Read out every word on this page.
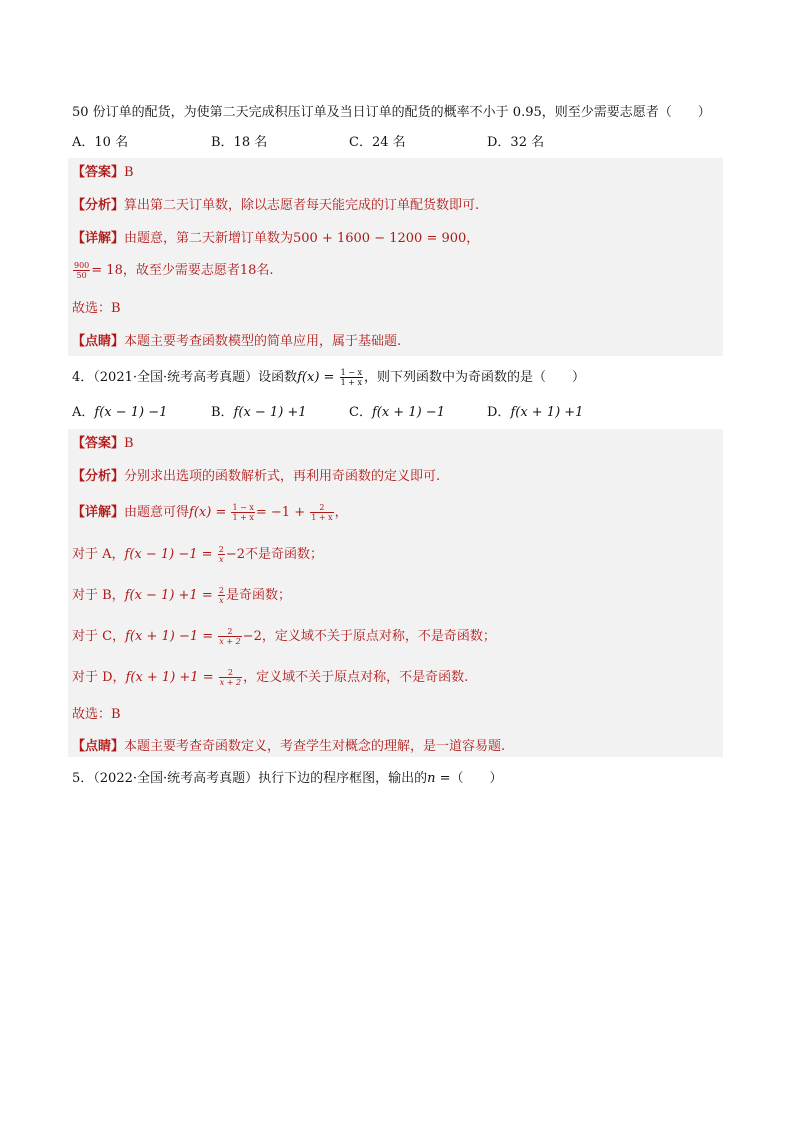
50 份订单的配货，为使第二天完成积压订单及当日订单的配货的概率不小于 0.95，则至少需要志愿者（　　）
A．10 名	B．18 名	C．24 名	D．32 名
【答案】B
【分析】算出第二天订单数，除以志愿者每天能完成的订单配货数即可.
【详解】由题意，第二天新增订单数为500 + 1600 − 1200 = 900，
$\frac{900}{50} = 18$，故至少需要志愿者18名.
故选：B
【点睛】本题主要考查函数模型的简单应用，属于基础题.
4．（2021·全国·统考高考真题）设函数$f(x) = \frac{1 - x}{1 + x}$ ，则下列函数中为奇函数的是（　　）
A．f(x − 1) −1	B．f(x − 1) +1	C．f(x + 1) −1	D．f(x + 1) +1
【答案】B
【分析】分别求出选项的函数解析式，再利用奇函数的定义即可.
【详解】由题意可得$f(x) = \frac{1 - x}{1 + x} = -1 + \frac{2}{1 + x}$ ，
对于 A，$f(x - 1) -1 = \frac{2}{x} -2$不是奇函数；
对于 B，$f(x - 1) +1 = \frac{2}{x}$ 是奇函数；
对于 C，$f(x + 1) -1 = \frac{2}{x + 2} -2$，定义域不关于原点对称，不是奇函数；
对于 D，$f(x + 1) +1 = \frac{2}{x + 2}$ ，定义域不关于原点对称，不是奇函数.
故选：B
【点睛】本题主要考查奇函数定义，考查学生对概念的理解，是一道容易题.
5．（2022·全国·统考高考真题）执行下边的程序框图，输出的n =（　　）
